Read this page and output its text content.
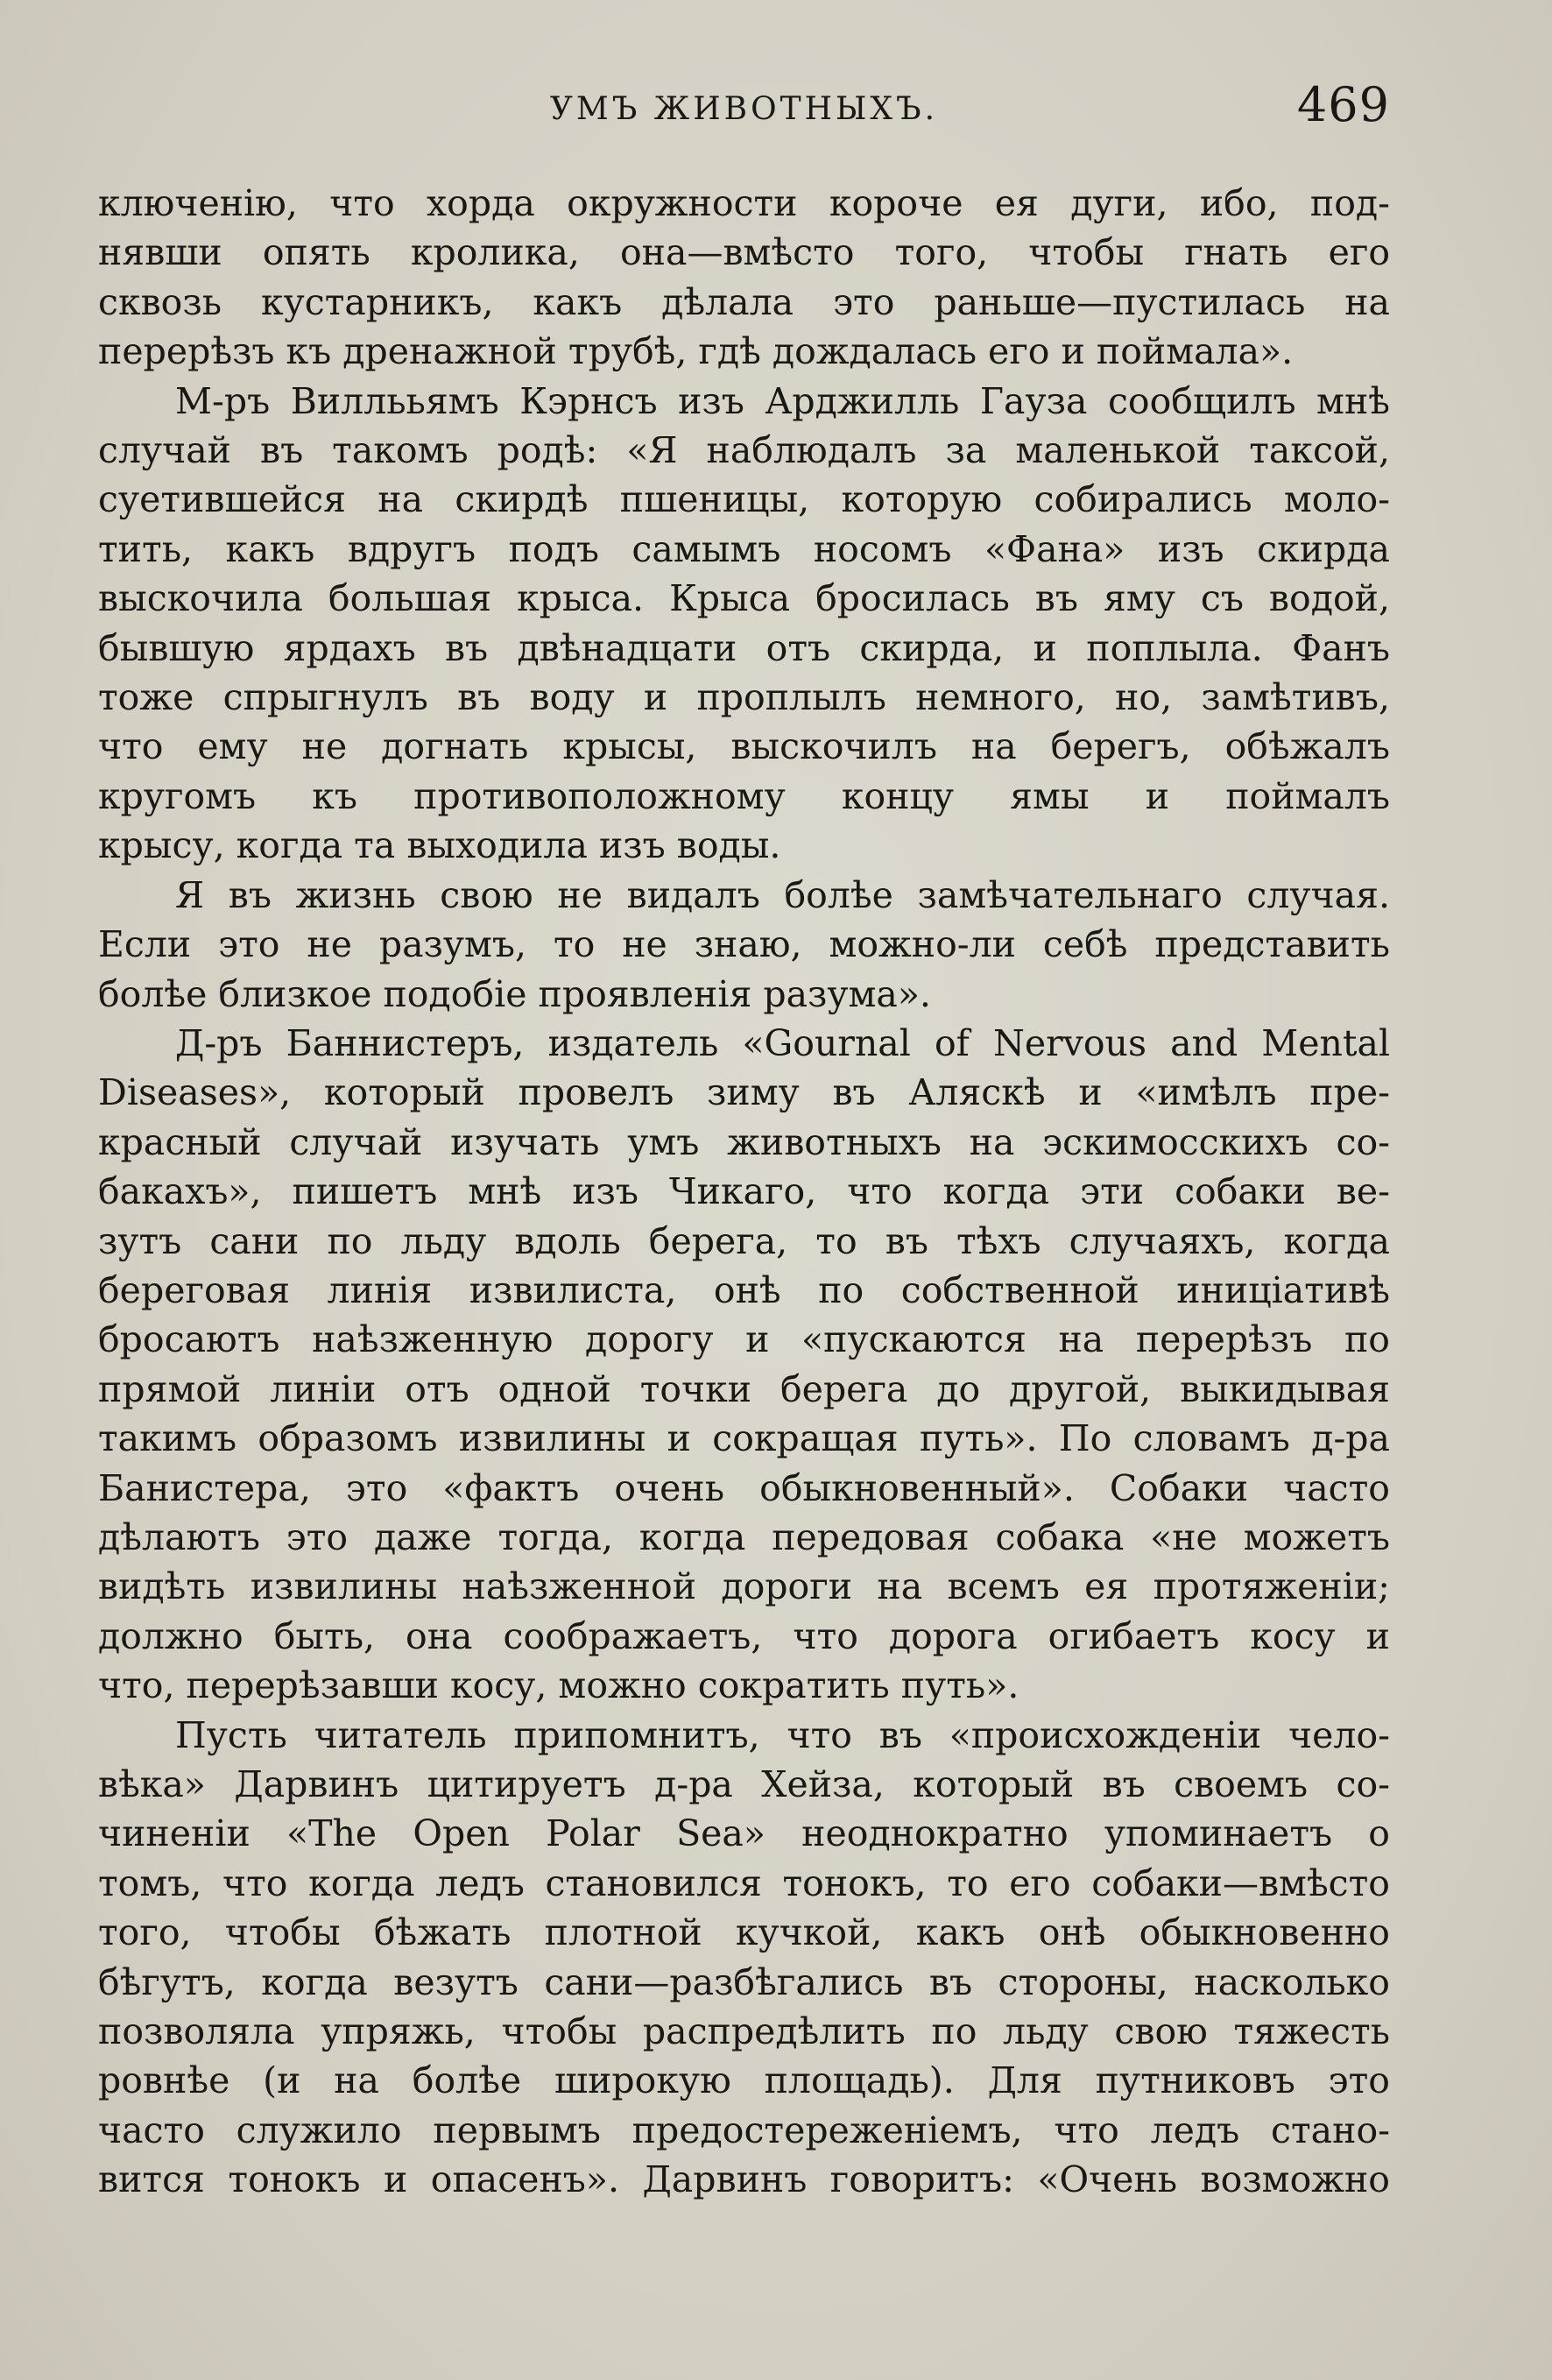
УМЪ ЖИВОТНЫХЪ.	469
ключенію, что хорда окружности короче ея дуги, ибо, под-
нявши опять кролика, она—вмѣсто того, чтобы гнать его
сквозь кустарникъ, какъ дѣлала это раньше—пустилась на
перерѣзъ къ дренажной трубѣ, гдѣ дождалась его и поймала».
М-ръ Виллььямъ Кэрнсъ изъ Арджилль Гауза сообщилъ мнѣ
случай въ такомъ родѣ: «Я наблюдалъ за маленькой таксой,
суетившейся на скирдѣ пшеницы, которую собирались моло-
тить, какъ вдругъ подъ самымъ носомъ «Фана» изъ скирда
выскочила большая крыса. Крыса бросилась въ яму съ водой,
бывшую ярдахъ въ двѣнадцати отъ скирда, и поплыла. Фанъ
тоже спрыгнулъ въ воду и проплылъ немного, но, замѣтивъ,
что ему не догнать крысы, выскочилъ на берегъ, обѣжалъ
кругомъ къ противоположному концу ямы и поймалъ
крысу, когда та выходила изъ воды.
Я въ жизнь свою не видалъ болѣе замѣчательнаго случая.
Если это не разумъ, то не знаю, можно-ли себѣ представить
болѣе близкое подобіе проявленія разума».
Д-ръ Баннистеръ, издатель «Gournal of Nervous and Mental
Diseases», который провелъ зиму въ Аляскѣ и «имѣлъ пре-
красный случай изучать умъ животныхъ на эскимосскихъ со-
бакахъ», пишетъ мнѣ изъ Чикаго, что когда эти собаки ве-
зутъ сани по льду вдоль берега, то въ тѣхъ случаяхъ, когда
береговая линія извилиста, онѣ по собственной иниціативѣ
бросаютъ наѣзженную дорогу и «пускаются на перерѣзъ по
прямой линіи отъ одной точки берега до другой, выкидывая
такимъ образомъ извилины и сокращая путь». По словамъ д-ра
Банистера, это «фактъ очень обыкновенный». Собаки часто
дѣлаютъ это даже тогда, когда передовая собака «не можетъ
видѣть извилины наѣзженной дороги на всемъ ея протяженіи;
должно быть, она соображаетъ, что дорога огибаетъ косу и
что, перерѣзавши косу, можно сократить путь».
Пусть читатель припомнитъ, что въ «происхожденіи чело-
вѣка» Дарвинъ цитируетъ д-ра Хейза, который въ своемъ со-
чиненіи «The Open Polar Sea» неоднократно упоминаетъ о
томъ, что когда ледъ становился тонокъ, то его собаки—вмѣсто
того, чтобы бѣжать плотной кучкой, какъ онѣ обыкновенно
бѣгутъ, когда везутъ сани—разбѣгались въ стороны, насколько
позволяла упряжь, чтобы распредѣлить по льду свою тяжесть
ровнѣе (и на болѣе широкую площадь). Для путниковъ это
часто служило первымъ предостереженіемъ, что ледъ стано-
вится тонокъ и опасенъ». Дарвинъ говоритъ: «Очень возможно
